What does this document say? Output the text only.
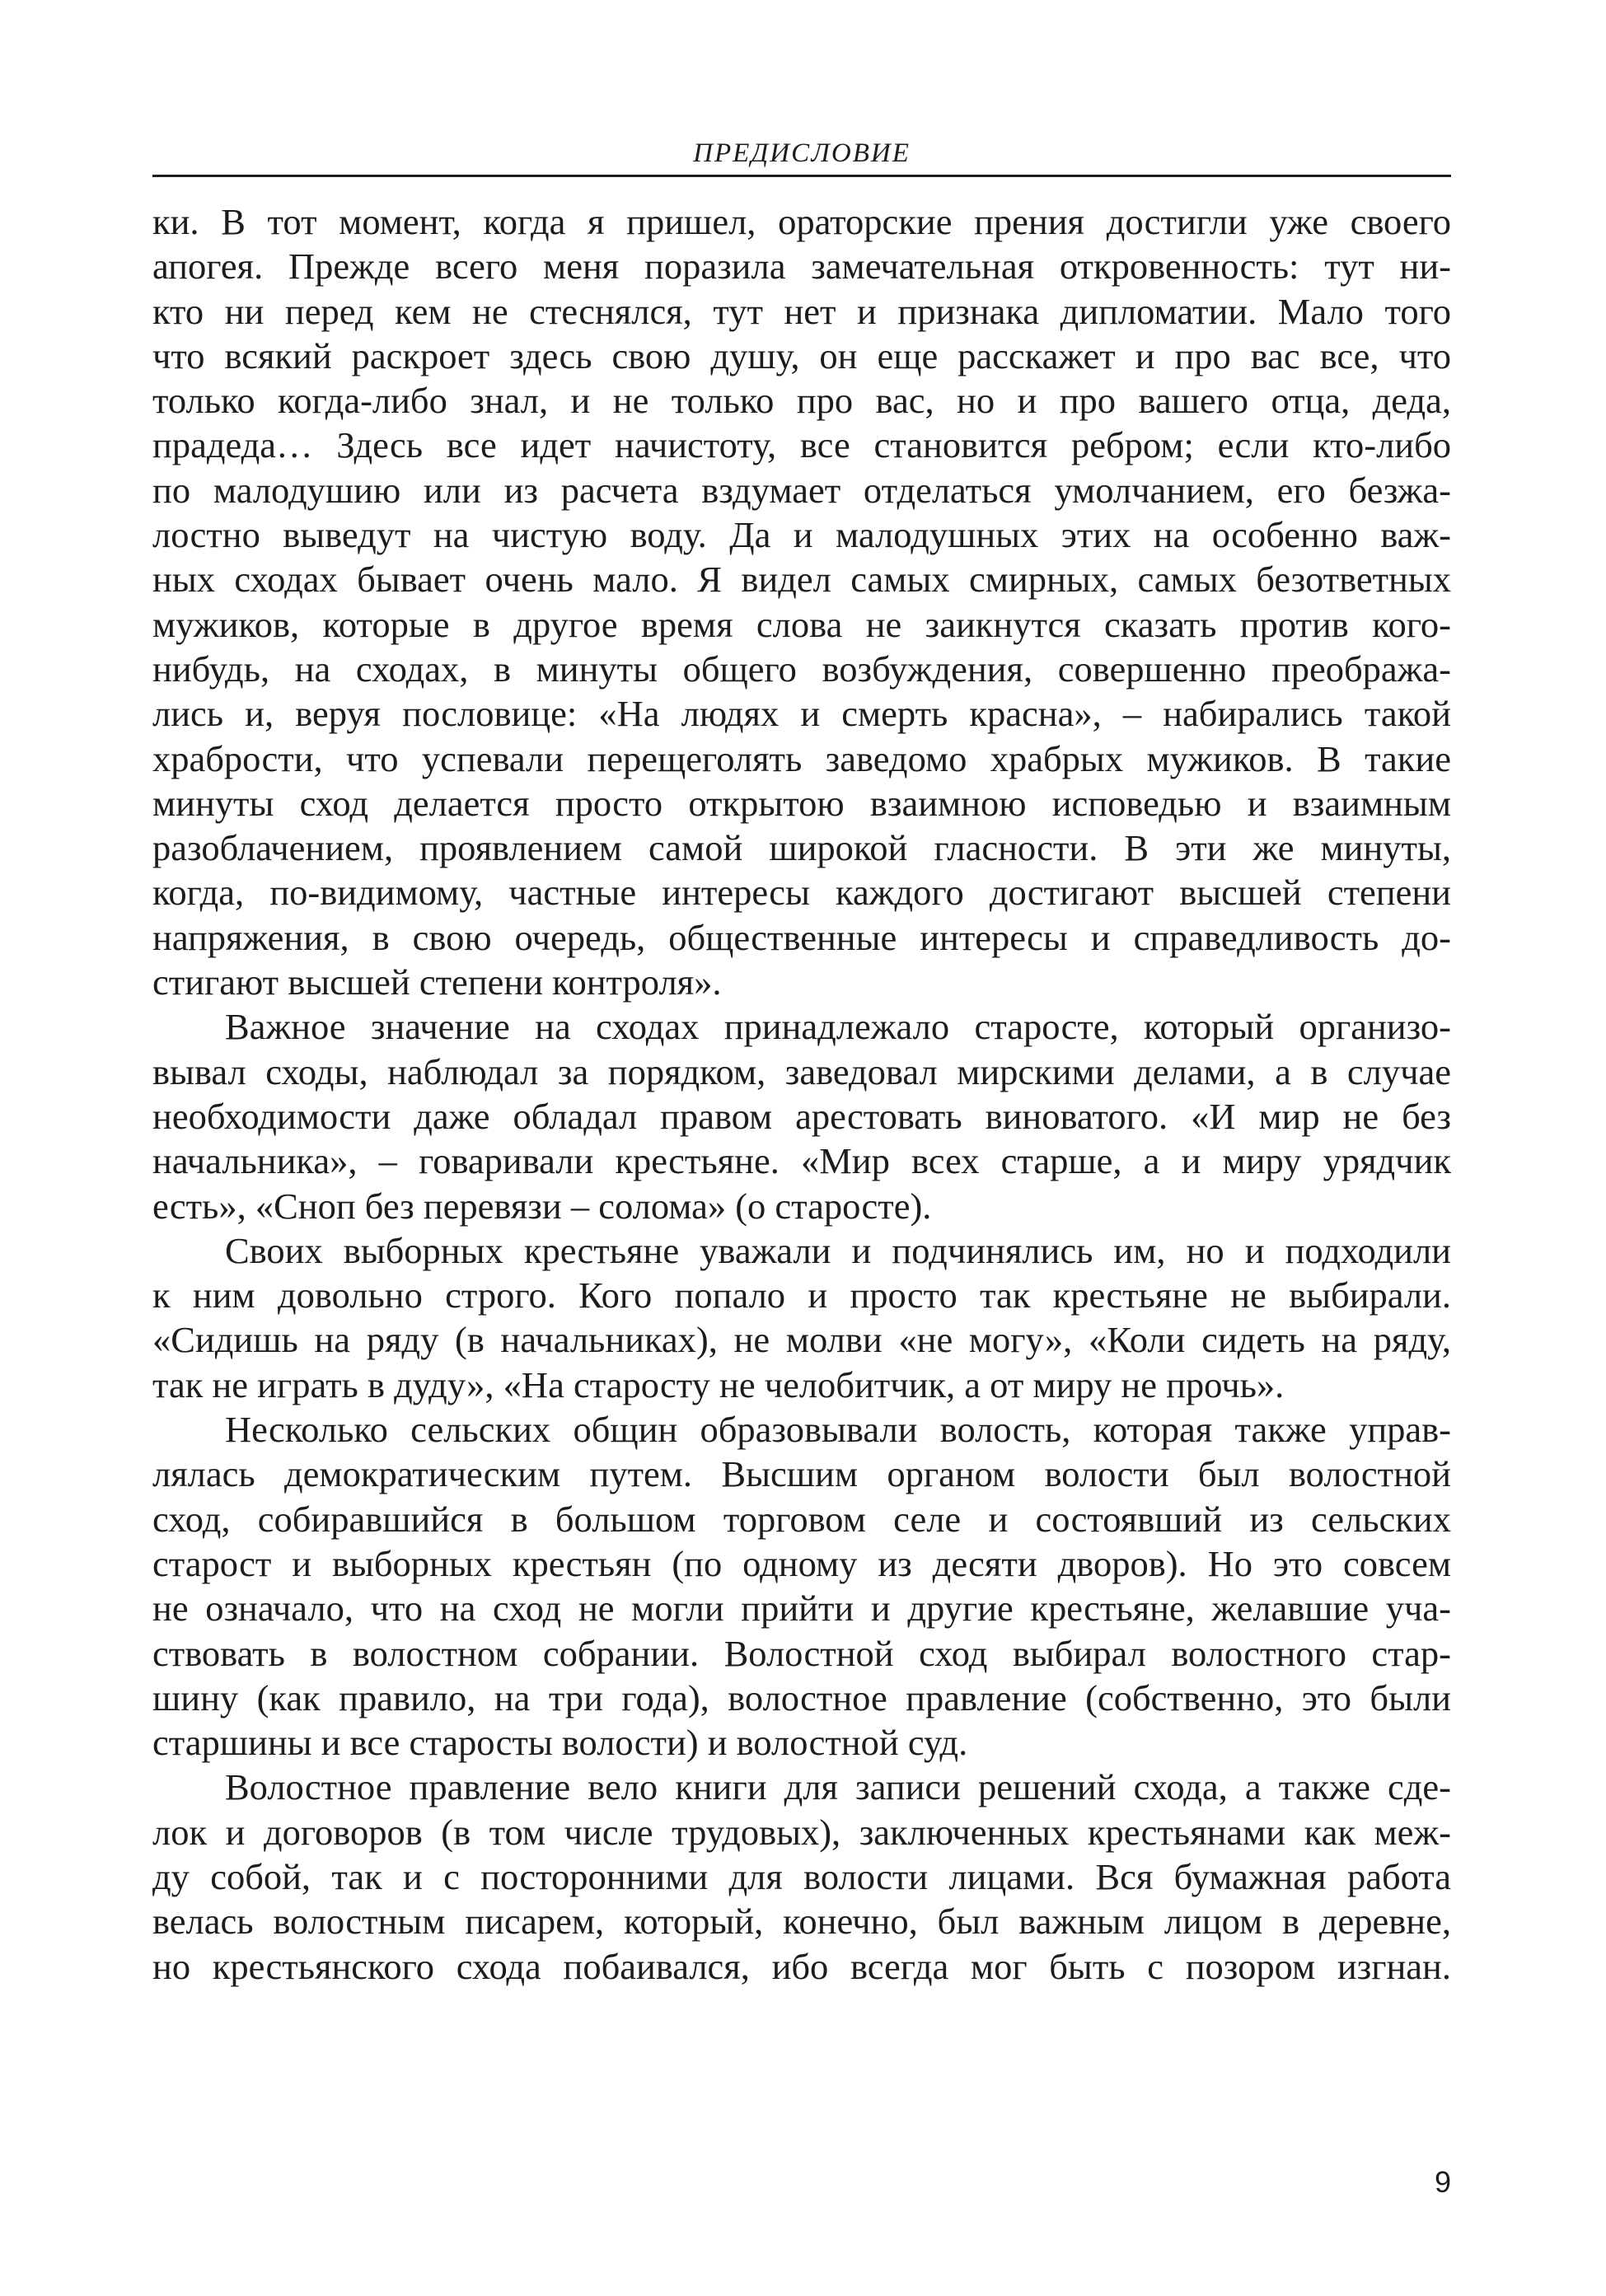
ПРЕДИСЛОВИЕ

ки. В тот момент, когда я пришел, ораторские прения достигли уже своего
апогея. Прежде всего меня поразила замечательная откровенность: тут ни-
кто ни перед кем не стеснялся, тут нет и признака дипломатии. Мало того
что всякий раскроет здесь свою душу, он еще расскажет и про вас все, что
только когда-либо знал, и не только про вас, но и про вашего отца, деда,
прадеда… Здесь все идет начистоту, все становится ребром; если кто-либо
по малодушию или из расчета вздумает отделаться умолчанием, его безжа-
лостно выведут на чистую воду. Да и малодушных этих на особенно важ-
ных сходах бывает очень мало. Я видел самых смирных, самых безответных
мужиков, которые в другое время слова не заикнутся сказать против кого-
нибудь, на сходах, в минуты общего возбуждения, совершенно преобража-
лись и, веруя пословице: «На людях и смерть красна», – набирались такой
храбрости, что успевали перещеголять заведомо храбрых мужиков. В такие
минуты сход делается просто открытою взаимною исповедью и взаимным
разоблачением, проявлением самой широкой гласности. В эти же минуты,
когда, по-видимому, частные интересы каждого достигают высшей степени
напряжения, в свою очередь, общественные интересы и справедливость до-
стигают высшей степени контроля».

Важное значение на сходах принадлежало старосте, который организо-
вывал сходы, наблюдал за порядком, заведовал мирскими делами, а в случае
необходимости даже обладал правом арестовать виноватого. «И мир не без
начальника», – говаривали крестьяне. «Мир всех старше, а и миру урядчик
есть», «Сноп без перевязи – солома» (о старосте).

Своих выборных крестьяне уважали и подчинялись им, но и подходили
к ним довольно строго. Кого попало и просто так крестьяне не выбирали.
«Сидишь на ряду (в начальниках), не молви «не могу», «Коли сидеть на ряду,
так не играть в дуду», «На старосту не челобитчик, а от миру не прочь».

Несколько сельских общин образовывали волость, которая также управ-
лялась демократическим путем. Высшим органом волости был волостной
сход, собиравшийся в большом торговом селе и состоявший из сельских
старост и выборных крестьян (по одному из десяти дворов). Но это совсем
не означало, что на сход не могли прийти и другие крестьяне, желавшие уча-
ствовать в волостном собрании. Волостной сход выбирал волостного стар-
шину (как правило, на три года), волостное правление (собственно, это были
старшины и все старосты волости) и волостной суд.

Волостное правление вело книги для записи решений схода, а также сде-
лок и договоров (в том числе трудовых), заключенных крестьянами как меж-
ду собой, так и с посторонними для волости лицами. Вся бумажная работа
велась волостным писарем, который, конечно, был важным лицом в деревне,
но крестьянского схода побаивался, ибо всегда мог быть с позором изгнан.

9
